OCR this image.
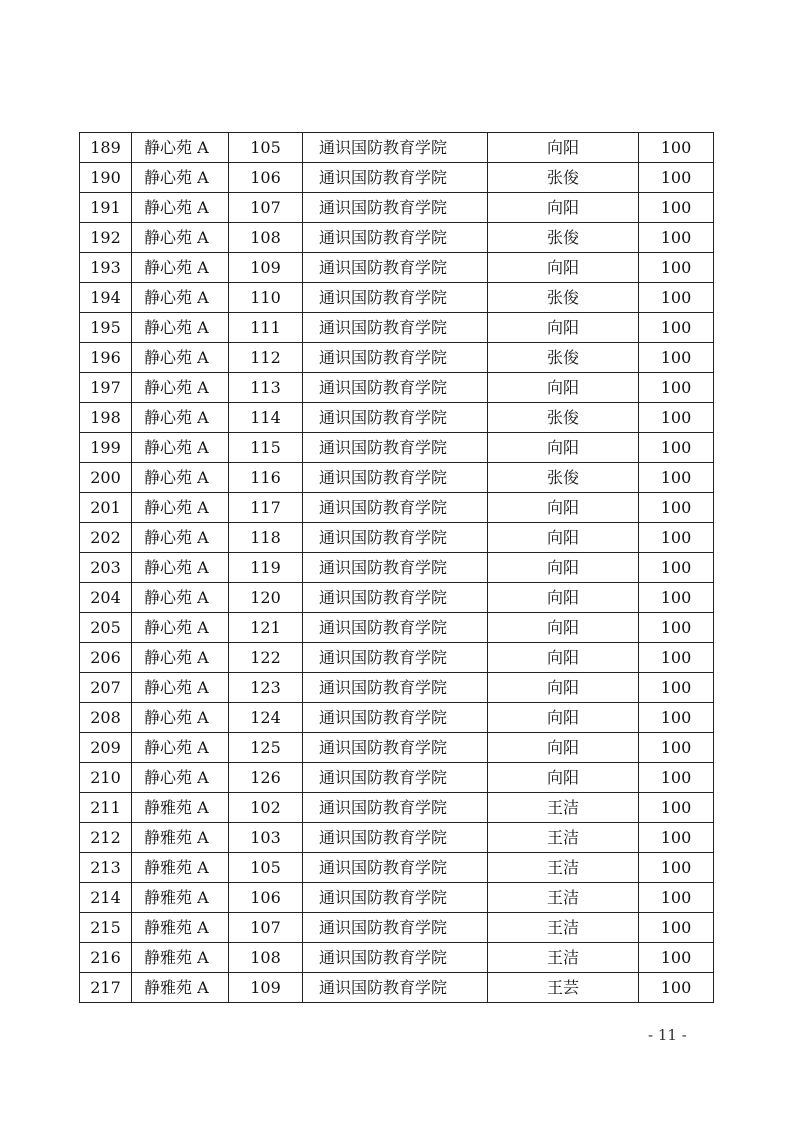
189	静心苑 A	105	通识国防教育学院	向阳	100
190	静心苑 A	106	通识国防教育学院	张俊	100
191	静心苑 A	107	通识国防教育学院	向阳	100
192	静心苑 A	108	通识国防教育学院	张俊	100
193	静心苑 A	109	通识国防教育学院	向阳	100
194	静心苑 A	110	通识国防教育学院	张俊	100
195	静心苑 A	111	通识国防教育学院	向阳	100
196	静心苑 A	112	通识国防教育学院	张俊	100
197	静心苑 A	113	通识国防教育学院	向阳	100
198	静心苑 A	114	通识国防教育学院	张俊	100
199	静心苑 A	115	通识国防教育学院	向阳	100
200	静心苑 A	116	通识国防教育学院	张俊	100
201	静心苑 A	117	通识国防教育学院	向阳	100
202	静心苑 A	118	通识国防教育学院	向阳	100
203	静心苑 A	119	通识国防教育学院	向阳	100
204	静心苑 A	120	通识国防教育学院	向阳	100
205	静心苑 A	121	通识国防教育学院	向阳	100
206	静心苑 A	122	通识国防教育学院	向阳	100
207	静心苑 A	123	通识国防教育学院	向阳	100
208	静心苑 A	124	通识国防教育学院	向阳	100
209	静心苑 A	125	通识国防教育学院	向阳	100
210	静心苑 A	126	通识国防教育学院	向阳	100
211	静雅苑 A	102	通识国防教育学院	王洁	100
212	静雅苑 A	103	通识国防教育学院	王洁	100
213	静雅苑 A	105	通识国防教育学院	王洁	100
214	静雅苑 A	106	通识国防教育学院	王洁	100
215	静雅苑 A	107	通识国防教育学院	王洁	100
216	静雅苑 A	108	通识国防教育学院	王洁	100
217	静雅苑 A	109	通识国防教育学院	王芸	100
- 11 -
